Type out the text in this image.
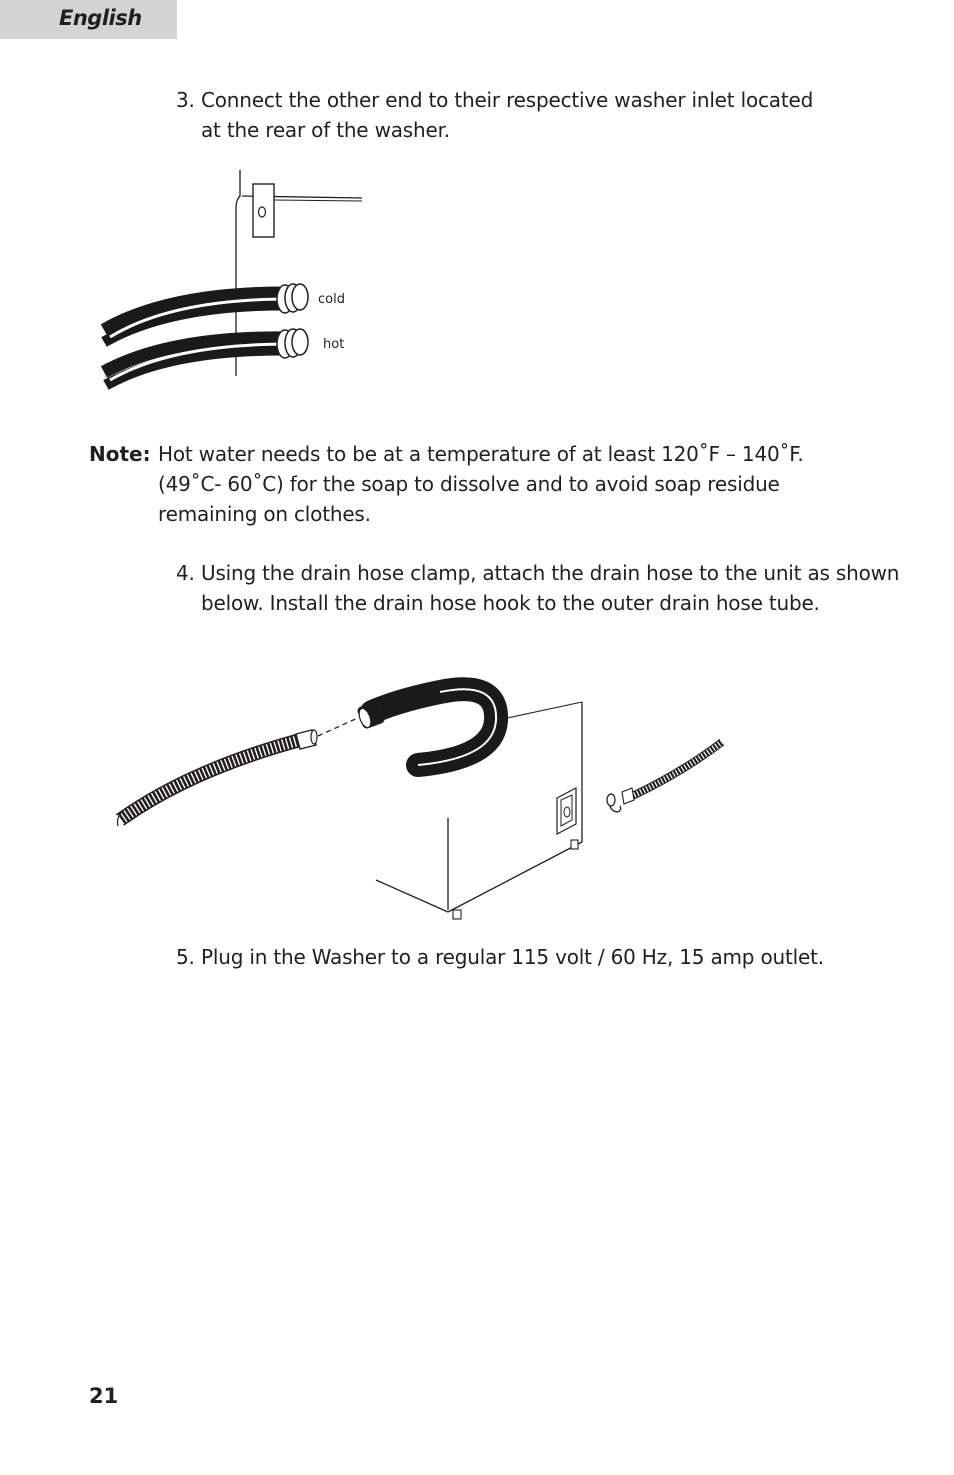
English
3. Connect the other end to their respective washer inlet located
at the rear of the washer.
cold
hot
Note: Hot water needs to be at a temperature of at least 120˚F – 140˚F.
(49˚C- 60˚C) for the soap to dissolve and to avoid soap residue
remaining on clothes.
4. Using the drain hose clamp, attach the drain hose to the unit as shown
below. Install the drain hose hook to the outer drain hose tube.
5. Plug in the Washer to a regular 115 volt / 60 Hz, 15 amp outlet.
21
